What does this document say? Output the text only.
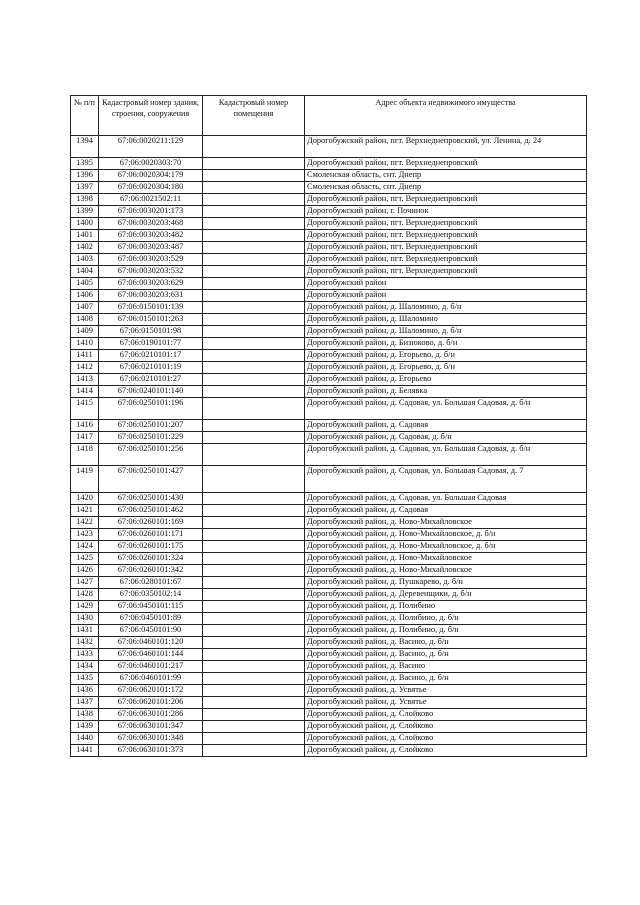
№ п/п	Кадастровый номер здания, строения, сооружения	Кадастровый номер помещения	Адрес объекта недвижимого имущества
1394	67:06:0020211:129		Дорогобужский район, пгт. Верхнеднепровский, ул. Ленина, д. 24
1395	67:06:0020303:70		Дорогобужский район, пгт. Верхнеднепровский
1396	67:06:0020304:179		Смоленская область, снт. Днепр
1397	67:06:0020304:180		Смоленская область, снт. Днепр
1398	67:06:0021502:11		Дорогобужский район, пгт. Верхнеднепровский
1399	67:06:0030201:173		Дорогобужский район, г. Починок
1400	67:06:0030203:468		Дорогобужский район, пгт. Верхнеднепровский
1401	67:06:0030203:482		Дорогобужский район, пгт. Верхнеднепровский
1402	67:06:0030203:487		Дорогобужский район, пгт. Верхнеднепровский
1403	67:06:0030203:529		Дорогобужский район, пгт. Верхнеднепровский
1404	67:06:0030203:532		Дорогобужский район, пгт. Верхнеднепровский
1405	67:06:0030203:629		Дорогобужский район
1406	67:06:0030203:631		Дорогобужский район
1407	67:06:0150101:139		Дорогобужский район, д. Шаломино, д. б/н
1408	67:06:0150101:263		Дорогобужский район, д. Шаломино
1409	67:06:0150101:98		Дорогобужский район, д. Шаломино, д. б/н
1410	67:06:0190101:77		Дорогобужский район, д. Бизюково, д. б/н
1411	67:06:0210101:17		Дорогобужский район, д. Егорьево, д. б/н
1412	67:06:0210101:19		Дорогобужский район, д. Егорьево, д. б/н
1413	67:06:0210101:27		Дорогобужский район, д. Егорьево
1414	67:06:0240101:140		Дорогобужский район, д. Белявка
1415	67:06:0250101:196		Дорогобужский район, д. Садовая, ул. Большая Садовая, д. б/н
1416	67:06:0250101:207		Дорогобужский район, д. Садовая
1417	67:06:0250101:229		Дорогобужский район, д. Садовая, д. б/н
1418	67:06:0250101:256		Дорогобужский район, д. Садовая, ул. Большая Садовая, д. б/н
1419	67:06:0250101:427		Дорогобужский район, д. Садовая, ул. Большая Садовая, д. 7
1420	67:06:0250101:430		Дорогобужский район, д. Садовая, ул. Большая Садовая
1421	67:06:0250101:462		Дорогобужский район, д. Садовая
1422	67:06:0260101:169		Дорогобужский район, д. Ново-Михайловское
1423	67:06:0260101:171		Дорогобужский район, д. Ново-Михайловское, д. б/н
1424	67:06:0260101:175		Дорогобужский район, д. Ново-Михайловское, д. б/н
1425	67:06:0260101:324		Дорогобужский район, д. Ново-Михайловское
1426	67:06:0260101:342		Дорогобужский район, д. Ново-Михайловское
1427	67:06:0280101:67		Дорогобужский район, д. Пушкарево, д. б/н
1428	67:06:0350102:14		Дорогобужский район, д. Деревенщики, д. б/н
1429	67:06:0450101:115		Дорогобужский район, д. Полибино
1430	67:06:0450101:89		Дорогобужский район, д. Полибино, д. б/н
1431	67:06:0450101:90		Дорогобужский район, д. Полибино, д. б/н
1432	67:06:0460101:120		Дорогобужский район, д. Васино, д. б/н
1433	67:06:0460101:144		Дорогобужский район, д. Васино, д. б/н
1434	67:06:0460101:217		Дорогобужский район, д. Васино
1435	67:06:0460101:99		Дорогобужский район, д. Васино, д. б/н
1436	67:06:0620101:172		Дорогобужский район, д. Усвятье
1437	67:06:0620101:206		Дорогобужский район, д. Усвятье
1438	67:06:0630101:286		Дорогобужский район, д. Слойково
1439	67:06:0630101:347		Дорогобужский район, д. Слойково
1440	67:06:0630101:348		Дорогобужский район, д. Слойково
1441	67:06:0630101:373		Дорогобужский район, д. Слойково
